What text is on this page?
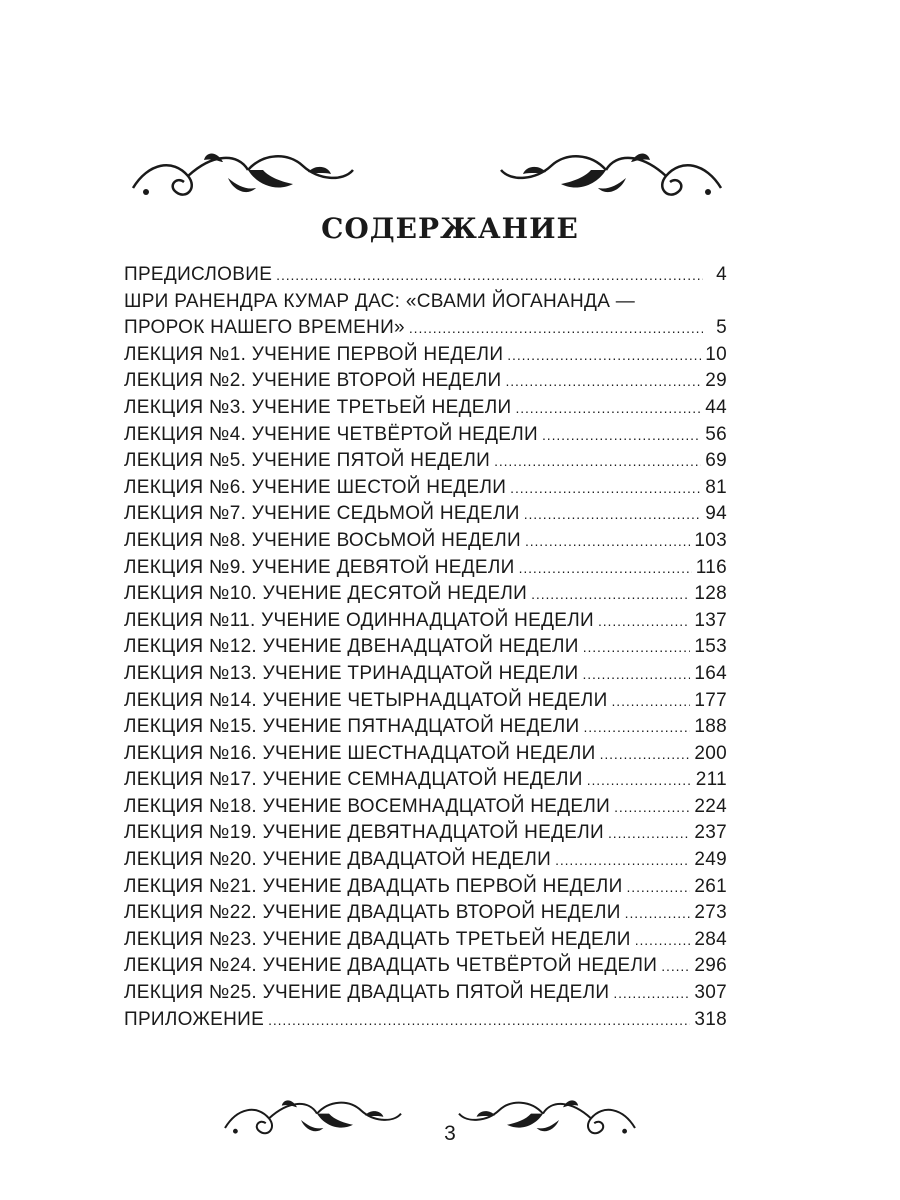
СОДЕРЖАНИЕ
ПРЕДИСЛОВИЕ . . .	4
ШРИ РАНЕНДРА КУМАР ДАС: «СВАМИ ЙОГАНАНДА —
ПРОРОК НАШЕГО ВРЕМЕНИ» . . .	5
ЛЕКЦИЯ №1. УЧЕНИЕ ПЕРВОЙ НЕДЕЛИ . . .	10
ЛЕКЦИЯ №2. УЧЕНИЕ ВТОРОЙ НЕДЕЛИ . . .	29
ЛЕКЦИЯ №3. УЧЕНИЕ ТРЕТЬЕЙ НЕДЕЛИ . . .	44
ЛЕКЦИЯ №4. УЧЕНИЕ ЧЕТВЁРТОЙ НЕДЕЛИ . . .	56
ЛЕКЦИЯ №5. УЧЕНИЕ ПЯТОЙ НЕДЕЛИ . . .	69
ЛЕКЦИЯ №6. УЧЕНИЕ ШЕСТОЙ НЕДЕЛИ . . .	81
ЛЕКЦИЯ №7. УЧЕНИЕ СЕДЬМОЙ НЕДЕЛИ . . .	94
ЛЕКЦИЯ №8. УЧЕНИЕ ВОСЬМОЙ НЕДЕЛИ . . .	103
ЛЕКЦИЯ №9. УЧЕНИЕ ДЕВЯТОЙ НЕДЕЛИ . . .	116
ЛЕКЦИЯ №10. УЧЕНИЕ ДЕСЯТОЙ НЕДЕЛИ . . .	128
ЛЕКЦИЯ №11. УЧЕНИЕ ОДИННАДЦАТОЙ НЕДЕЛИ . . .	137
ЛЕКЦИЯ №12. УЧЕНИЕ ДВЕНАДЦАТОЙ НЕДЕЛИ . . .	153
ЛЕКЦИЯ №13. УЧЕНИЕ ТРИНАДЦАТОЙ НЕДЕЛИ . . .	164
ЛЕКЦИЯ №14. УЧЕНИЕ ЧЕТЫРНАДЦАТОЙ НЕДЕЛИ . . .	177
ЛЕКЦИЯ №15. УЧЕНИЕ ПЯТНАДЦАТОЙ НЕДЕЛИ . . .	188
ЛЕКЦИЯ №16. УЧЕНИЕ ШЕСТНАДЦАТОЙ НЕДЕЛИ . . .	200
ЛЕКЦИЯ №17. УЧЕНИЕ СЕМНАДЦАТОЙ НЕДЕЛИ . . .	211
ЛЕКЦИЯ №18. УЧЕНИЕ ВОСЕМНАДЦАТОЙ НЕДЕЛИ . . .	224
ЛЕКЦИЯ №19. УЧЕНИЕ ДЕВЯТНАДЦАТОЙ НЕДЕЛИ . . .	237
ЛЕКЦИЯ №20. УЧЕНИЕ ДВАДЦАТОЙ НЕДЕЛИ . . .	249
ЛЕКЦИЯ №21. УЧЕНИЕ ДВАДЦАТЬ ПЕРВОЙ НЕДЕЛИ . . .	261
ЛЕКЦИЯ №22. УЧЕНИЕ ДВАДЦАТЬ ВТОРОЙ НЕДЕЛИ . . .	273
ЛЕКЦИЯ №23. УЧЕНИЕ ДВАДЦАТЬ ТРЕТЬЕЙ НЕДЕЛИ . . .	284
ЛЕКЦИЯ №24. УЧЕНИЕ ДВАДЦАТЬ ЧЕТВЁРТОЙ НЕДЕЛИ . . . 296
ЛЕКЦИЯ №25. УЧЕНИЕ ДВАДЦАТЬ ПЯТОЙ НЕДЕЛИ . . .	307
ПРИЛОЖЕНИЕ . . .	318
3
